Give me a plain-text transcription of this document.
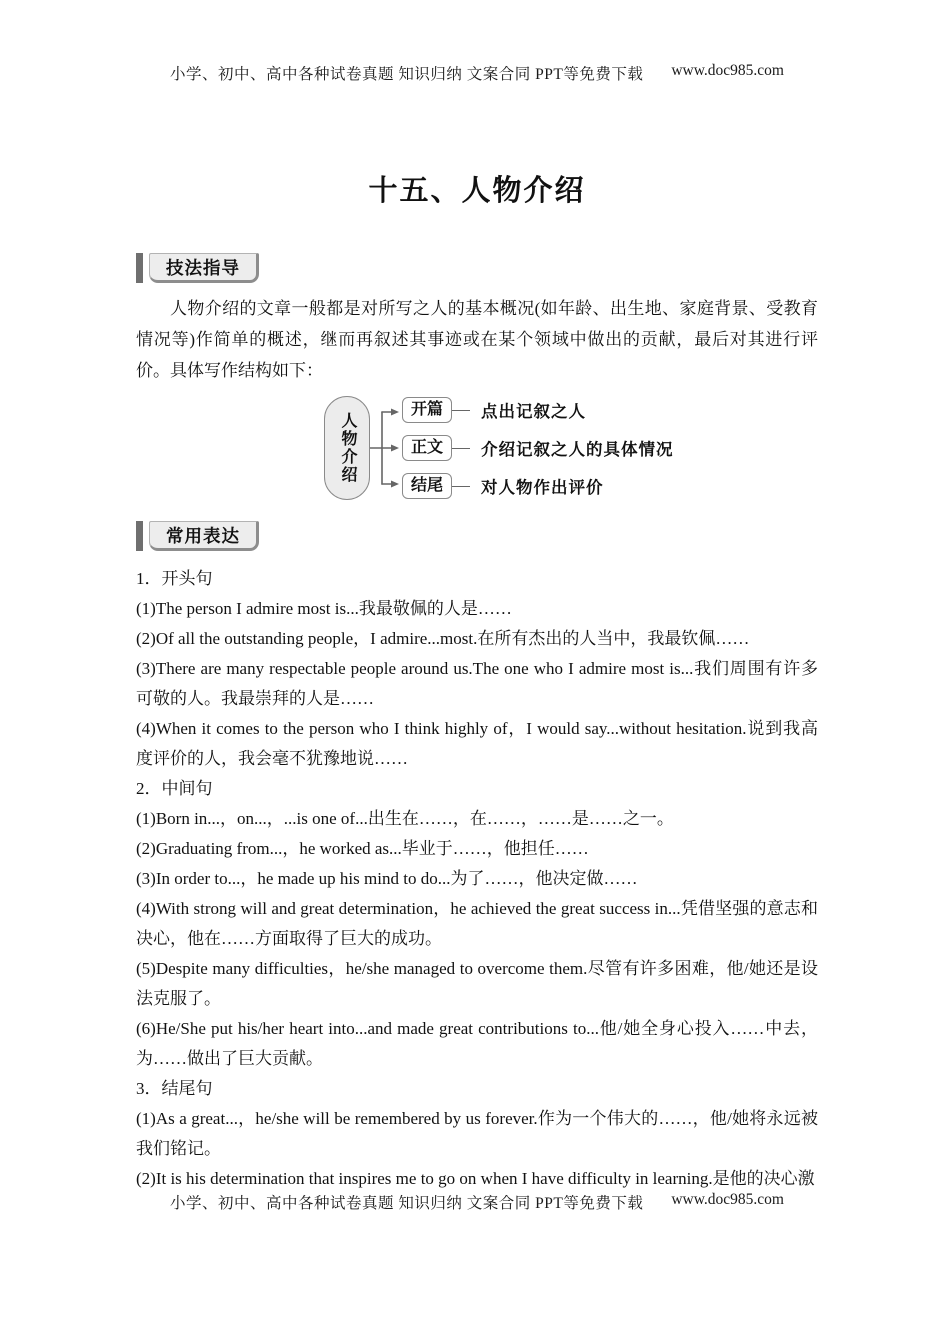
小学、初中、高中各种试卷真题 知识归纳 文案合同 PPT等免费下载 www.doc985.com
十五、人物介绍
技法指导

人物介绍的文章一般都是对所写之人的基本概况(如年龄、出生地、家庭背景、受教育情况等)作简单的概述，继而再叙述其事迹或在某个领域中做出的贡献，最后对其进行评价。具体写作结构如下：

人物介绍
开篇	点出记叙之人
正文	介绍记叙之人的具体情况
结尾	对人物作出评价
常用表达

1．开头句

(1)The person I admire most is...我最敬佩的人是……

(2)Of all the outstanding people，I admire...most.在所有杰出的人当中，我最钦佩……

(3)There are many respectable people around us.The one who I admire most is...我们周围有许多可敬的人。我最崇拜的人是……

(4)When it comes to the person who I think highly of，I would say...without hesitation.说到我高度评价的人，我会毫不犹豫地说……

2．中间句

(1)Born in...，on...，...is one of...出生在……，在……，……是……之一。

(2)Graduating from...，he worked as...毕业于……，他担任……

(3)In order to...，he made up his mind to do...为了……，他决定做……

(4)With strong will and great determination，he achieved the great success in...凭借坚强的意志和决心，他在……方面取得了巨大的成功。

(5)Despite many difficulties，he/she managed to overcome them.尽管有许多困难，他/她还是设法克服了。

(6)He/She put his/her heart into...and made great contributions to...他/她全身心投入……中去，为……做出了巨大贡献。

3．结尾句

(1)As a great...，he/she will be remembered by us forever.作为一个伟大的……，他/她将永远被我们铭记。

(2)It is his determination that inspires me to go on when I have difficulty in learning.是他的决心激

小学、初中、高中各种试卷真题 知识归纳 文案合同 PPT等免费下载 www.doc985.com
